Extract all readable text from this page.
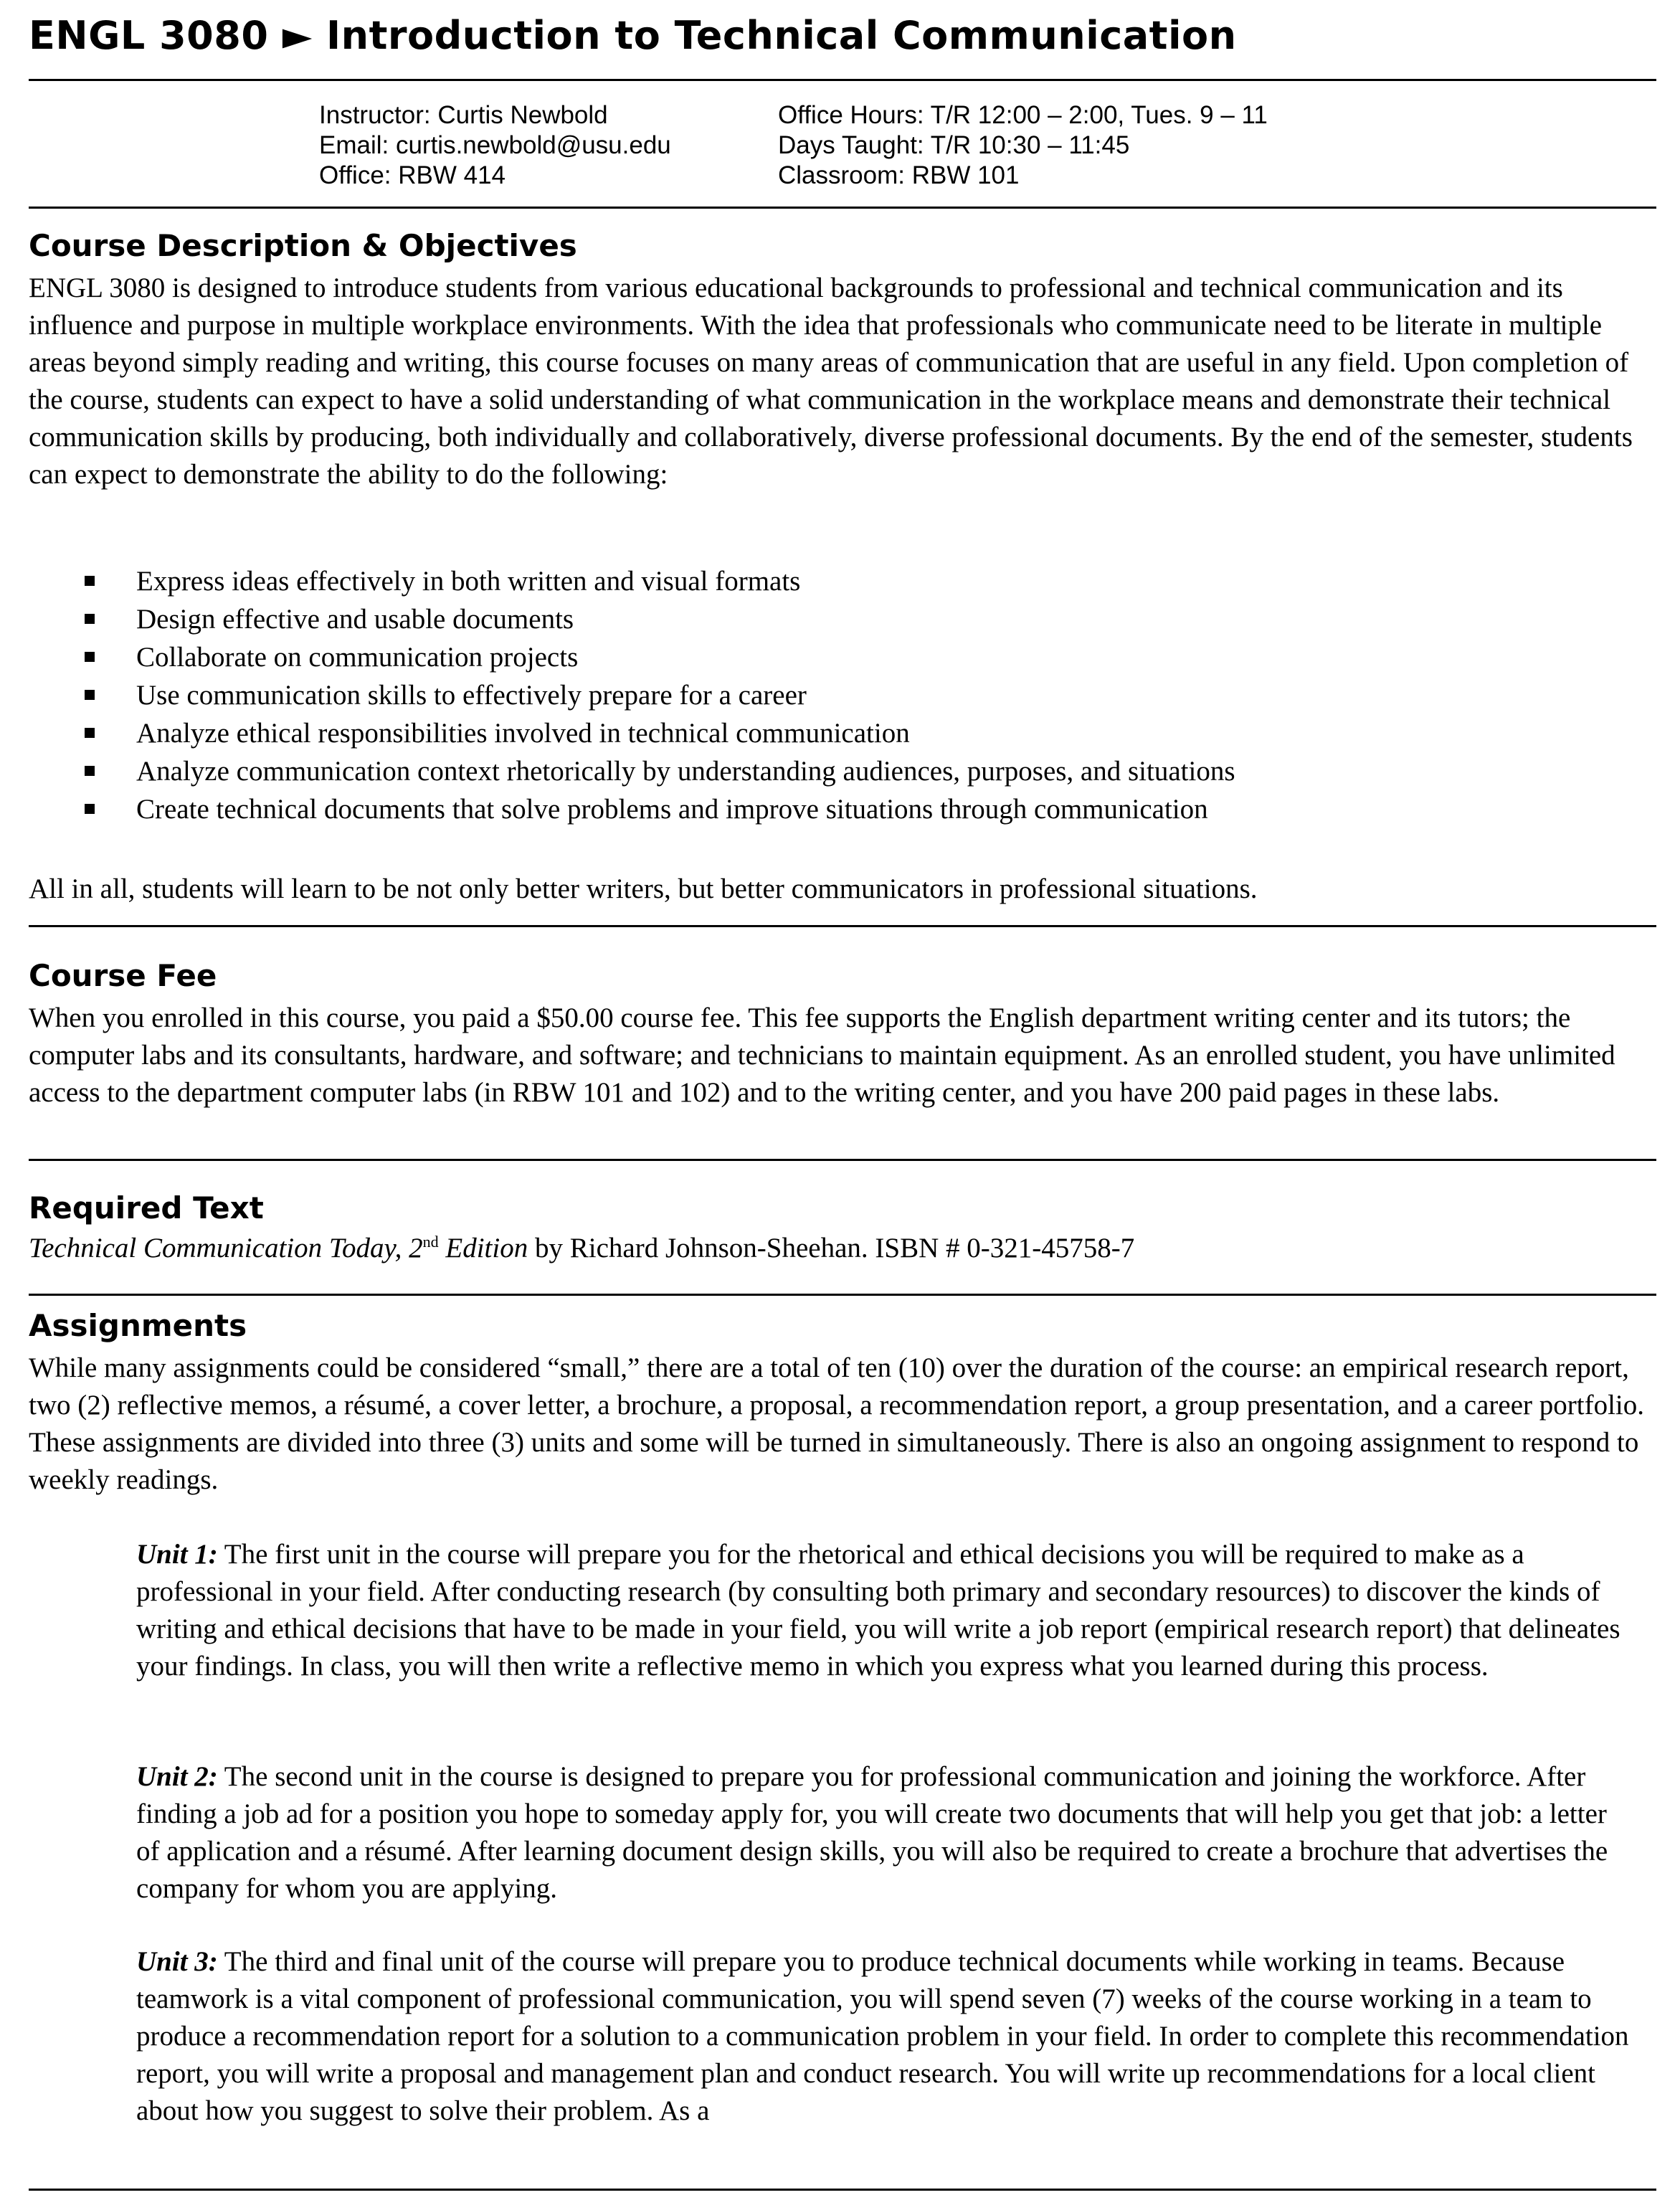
ENGL 3080 ► Introduction to Technical Communication
Instructor: Curtis Newbold
Email: curtis.newbold@usu.edu
Office: RBW 414
Office Hours: T/R 12:00 – 2:00, Tues. 9 – 11
Days Taught: T/R 10:30 – 11:45
Classroom: RBW 101
Course Description & Objectives
ENGL 3080 is designed to introduce students from various educational backgrounds to professional and technical communication and its influence and purpose in multiple workplace environments. With the idea that professionals who communicate need to be literate in multiple areas beyond simply reading and writing, this course focuses on many areas of communication that are useful in any field. Upon completion of the course, students can expect to have a solid understanding of what communication in the workplace means and demonstrate their technical communication skills by producing, both individually and collaboratively, diverse professional documents. By the end of the semester, students can expect to demonstrate the ability to do the following:
Express ideas effectively in both written and visual formats
Design effective and usable documents
Collaborate on communication projects
Use communication skills to effectively prepare for a career
Analyze ethical responsibilities involved in technical communication
Analyze communication context rhetorically by understanding audiences, purposes, and situations
Create technical documents that solve problems and improve situations through communication
All in all, students will learn to be not only better writers, but better communicators in professional situations.
Course Fee
When you enrolled in this course, you paid a $50.00 course fee. This fee supports the English department writing center and its tutors; the computer labs and its consultants, hardware, and software; and technicians to maintain equipment. As an enrolled student, you have unlimited access to the department computer labs (in RBW 101 and 102) and to the writing center, and you have 200 paid pages in these labs.
Required Text
Technical Communication Today, 2nd Edition by Richard Johnson-Sheehan. ISBN # 0-321-45758-7
Assignments
While many assignments could be considered “small,” there are a total of ten (10) over the duration of the course: an empirical research report, two (2) reflective memos, a résumé, a cover letter, a brochure, a proposal, a recommendation report, a group presentation, and a career portfolio. These assignments are divided into three (3) units and some will be turned in simultaneously. There is also an ongoing assignment to respond to weekly readings.
Unit 1: The first unit in the course will prepare you for the rhetorical and ethical decisions you will be required to make as a professional in your field. After conducting research (by consulting both primary and secondary resources) to discover the kinds of writing and ethical decisions that have to be made in your field, you will write a job report (empirical research report) that delineates your findings. In class, you will then write a reflective memo in which you express what you learned during this process.
Unit 2: The second unit in the course is designed to prepare you for professional communication and joining the workforce. After finding a job ad for a position you hope to someday apply for, you will create two documents that will help you get that job: a letter of application and a résumé. After learning document design skills, you will also be required to create a brochure that advertises the company for whom you are applying.
Unit 3: The third and final unit of the course will prepare you to produce technical documents while working in teams. Because teamwork is a vital component of professional communication, you will spend seven (7) weeks of the course working in a team to produce a recommendation report for a solution to a communication problem in your field. In order to complete this recommendation report, you will write a proposal and management plan and conduct research. You will write up recommendations for a local client about how you suggest to solve their problem. As a
